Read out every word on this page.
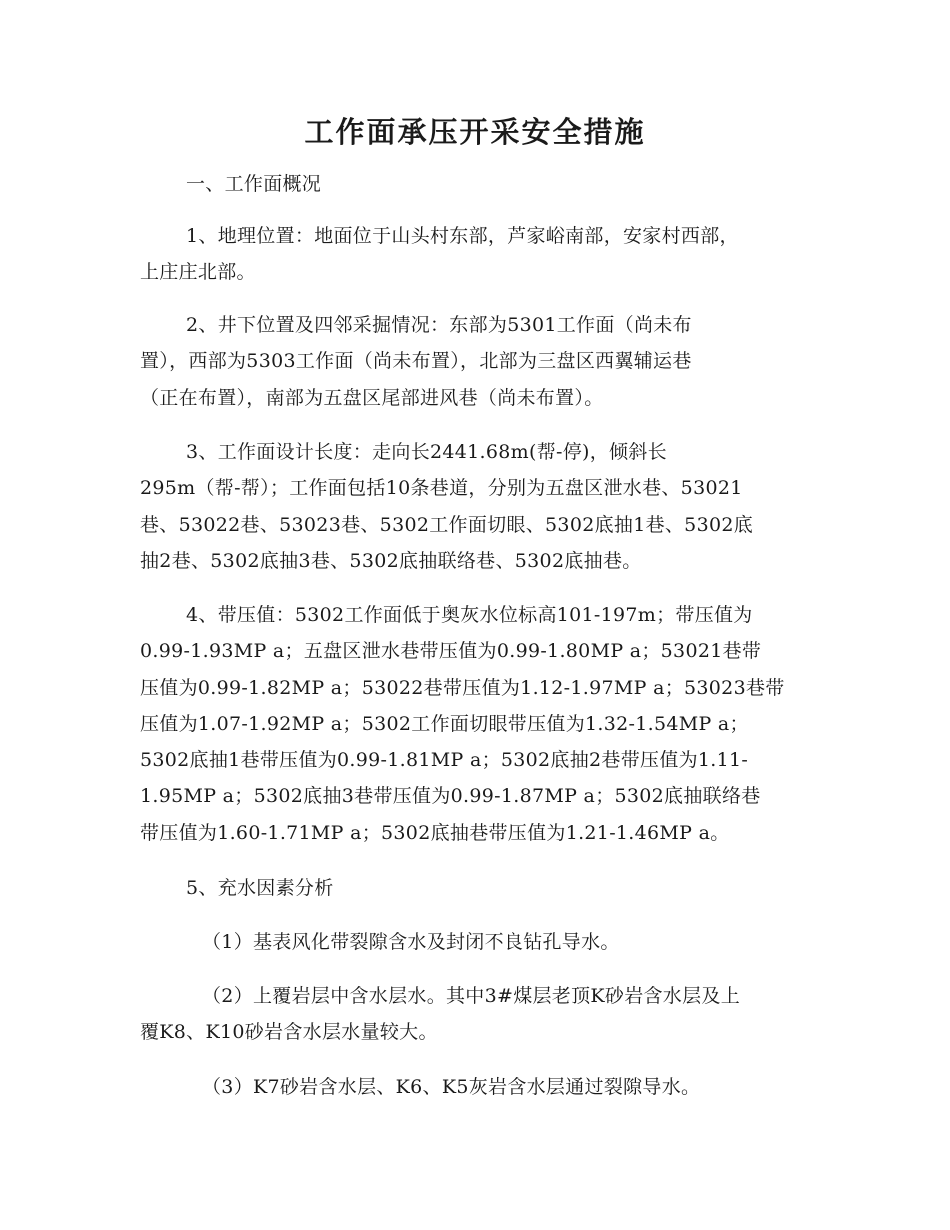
工作面承压开采安全措施
一、工作面概况
1、地理位置：地面位于山头村东部，芦家峪南部，安家村西部，
上庄庄北部。
2、井下位置及四邻采掘情况：东部为5301工作面（尚未布
置），西部为5303工作面（尚未布置），北部为三盘区西翼辅运巷
（正在布置），南部为五盘区尾部进风巷（尚未布置）。
3、工作面设计长度：走向长2441.68m(帮-停)，倾斜长
295m（帮-帮）；工作面包括10条巷道，分别为五盘区泄水巷、53021
巷、53022巷、53023巷、5302工作面切眼、5302底抽1巷、5302底
抽2巷、5302底抽3巷、5302底抽联络巷、5302底抽巷。
4、带压值：5302工作面低于奥灰水位标高101-197m；带压值为
0.99-1.93MP a；五盘区泄水巷带压值为0.99-1.80MP a；53021巷带
压值为0.99-1.82MP a；53022巷带压值为1.12-1.97MP a；53023巷带
压值为1.07-1.92MP a；5302工作面切眼带压值为1.32-1.54MP a；
5302底抽1巷带压值为0.99-1.81MP a；5302底抽2巷带压值为1.11-
1.95MP a；5302底抽3巷带压值为0.99-1.87MP a；5302底抽联络巷
带压值为1.60-1.71MP a；5302底抽巷带压值为1.21-1.46MP a。
5、充水因素分析
（1）基表风化带裂隙含水及封闭不良钻孔导水。
（2）上覆岩层中含水层水。其中3#煤层老顶K砂岩含水层及上
覆K8、K10砂岩含水层水量较大。
（3）K7砂岩含水层、K6、K5灰岩含水层通过裂隙导水。
